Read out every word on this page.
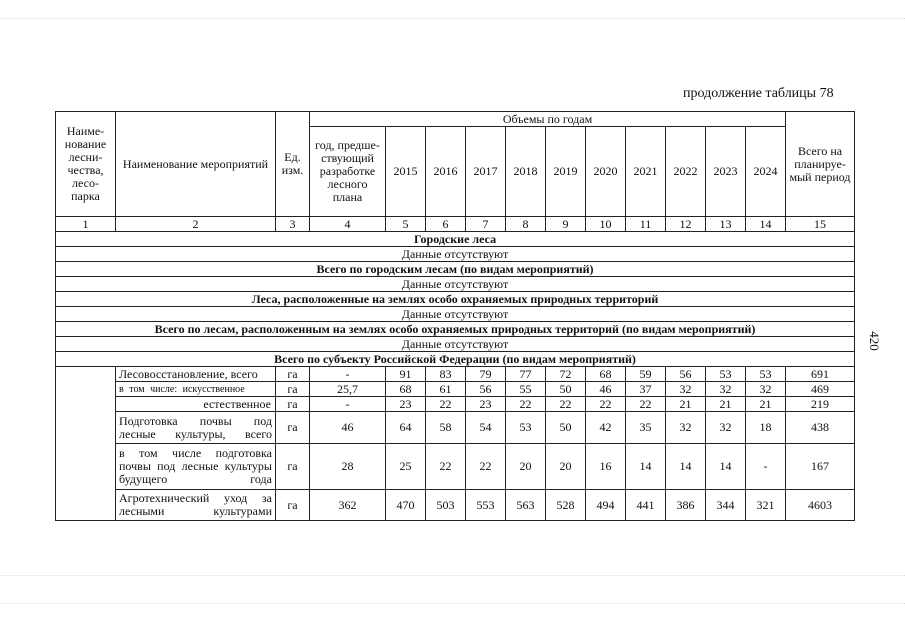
продолжение таблицы 78
420
Наиме-нование лесни-чества, лесо-парка	Наименование мероприятий	Ед. изм.	Объемы по годам											Всего на планируе-мый период
			год, предше-ствующий разработке лесного плана	2015	2016	2017	2018	2019	2020	2021	2022	2023	2024	
1	2	3	4	5	6	7	8	9	10	11	12	13	14	15
Городские леса														
Данные отсутствуют														
Всего по городским лесам (по видам мероприятий)														
Данные отсутствуют														
Леса, расположенные на землях особо охраняемых природных территорий														
Данные отсутствуют														
Всего по лесам, расположенным на землях особо охраняемых природных территорий (по видам мероприятий)														
Данные отсутствуют														
Всего по субъекту Российской Федерации (по видам мероприятий)														
	Лесовосстановление, всего	га	-	91	83	79	77	72	68	59	56	53	53	691
	в том числе: искусственное	га	25,7	68	61	56	55	50	46	37	32	32	32	469
	естественное	га	-	23	22	23	22	22	22	22	21	21	21	219
	Подготовка почвы под лесные культуры, всего	га	46	64	58	54	53	50	42	35	32	32	18	438
	в том числе подготовка почвы под лесные культуры будущего года	га	28	25	22	22	20	20	16	14	14	14	-	167
	Агротехнический уход за лесными культурами	га	362	470	503	553	563	528	494	441	386	344	321	4603
